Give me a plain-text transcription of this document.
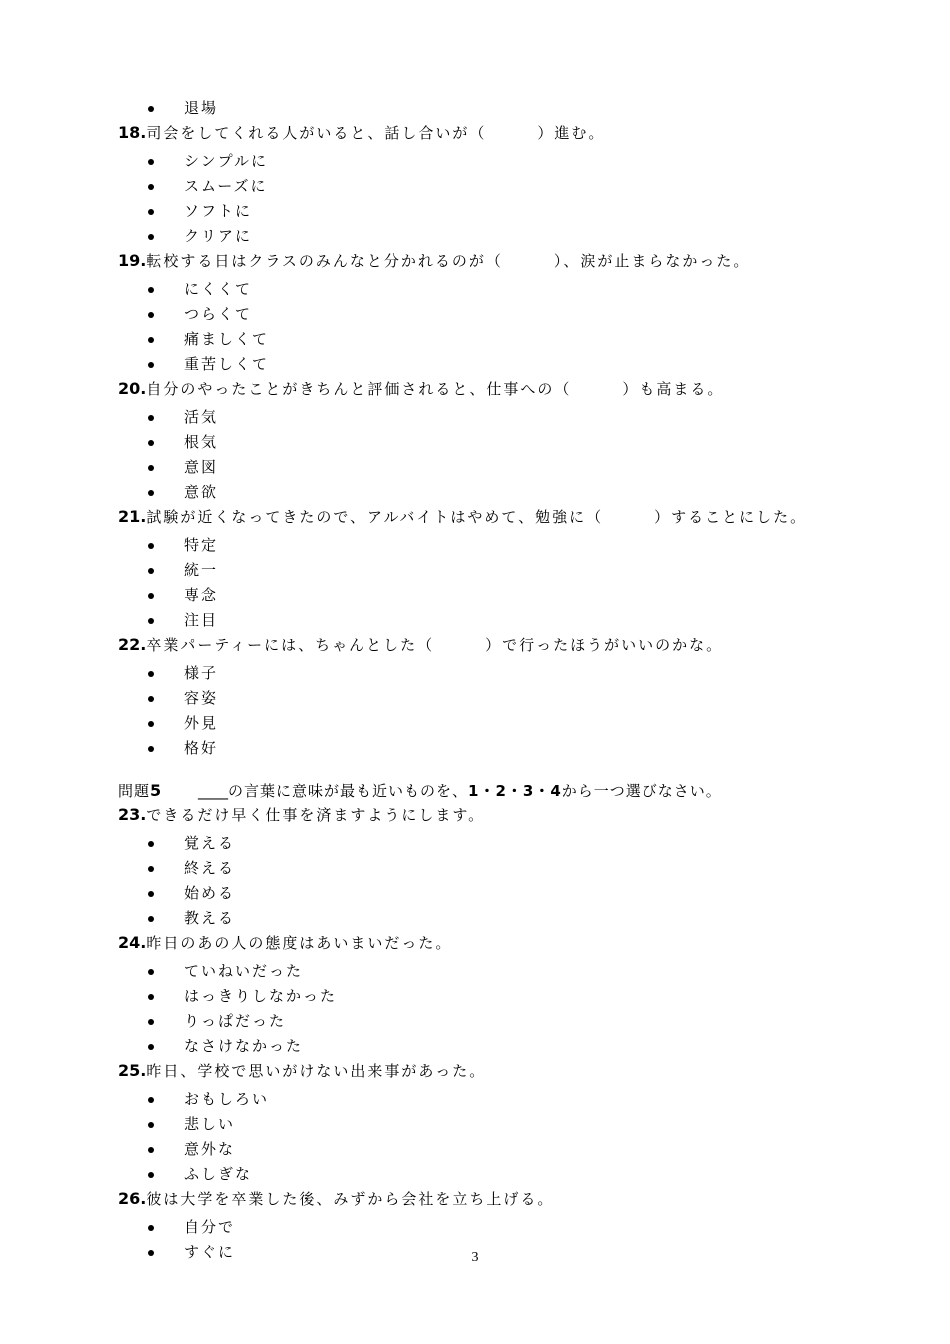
退場
18.司会をしてくれる人がいると、話し合いが（　　　）進む。
シンプルに
スムーズに
ソフトに
クリアに
19.転校する日はクラスのみんなと分かれるのが（　　　）、涙が止まらなかった。
にくくて
つらくて
痛ましくて
重苦しくて
20.自分のやったことがきちんと評価されると、仕事への（　　　）も高まる。
活気
根気
意図
意欲
21.試験が近くなってきたので、アルバイトはやめて、勉強に（　　　）することにした。
特定
統一
専念
注目
22.卒業パーティーには、ちゃんとした（　　　）で行ったほうがいいのかな。
様子
容姿
外見
格好
問題5 ____の言葉に意味が最も近いものを、1・2・3・4から一つ選びなさい。
23.できるだけ早く仕事を済ますようにします。
覚える
終える
始める
教える
24.昨日のあの人の態度はあいまいだった。
ていねいだった
はっきりしなかった
りっぱだった
なさけなかった
25.昨日、学校で思いがけない出来事があった。
おもしろい
悲しい
意外な
ふしぎな
26.彼は大学を卒業した後、みずから会社を立ち上げる。
自分で
すぐに	3
